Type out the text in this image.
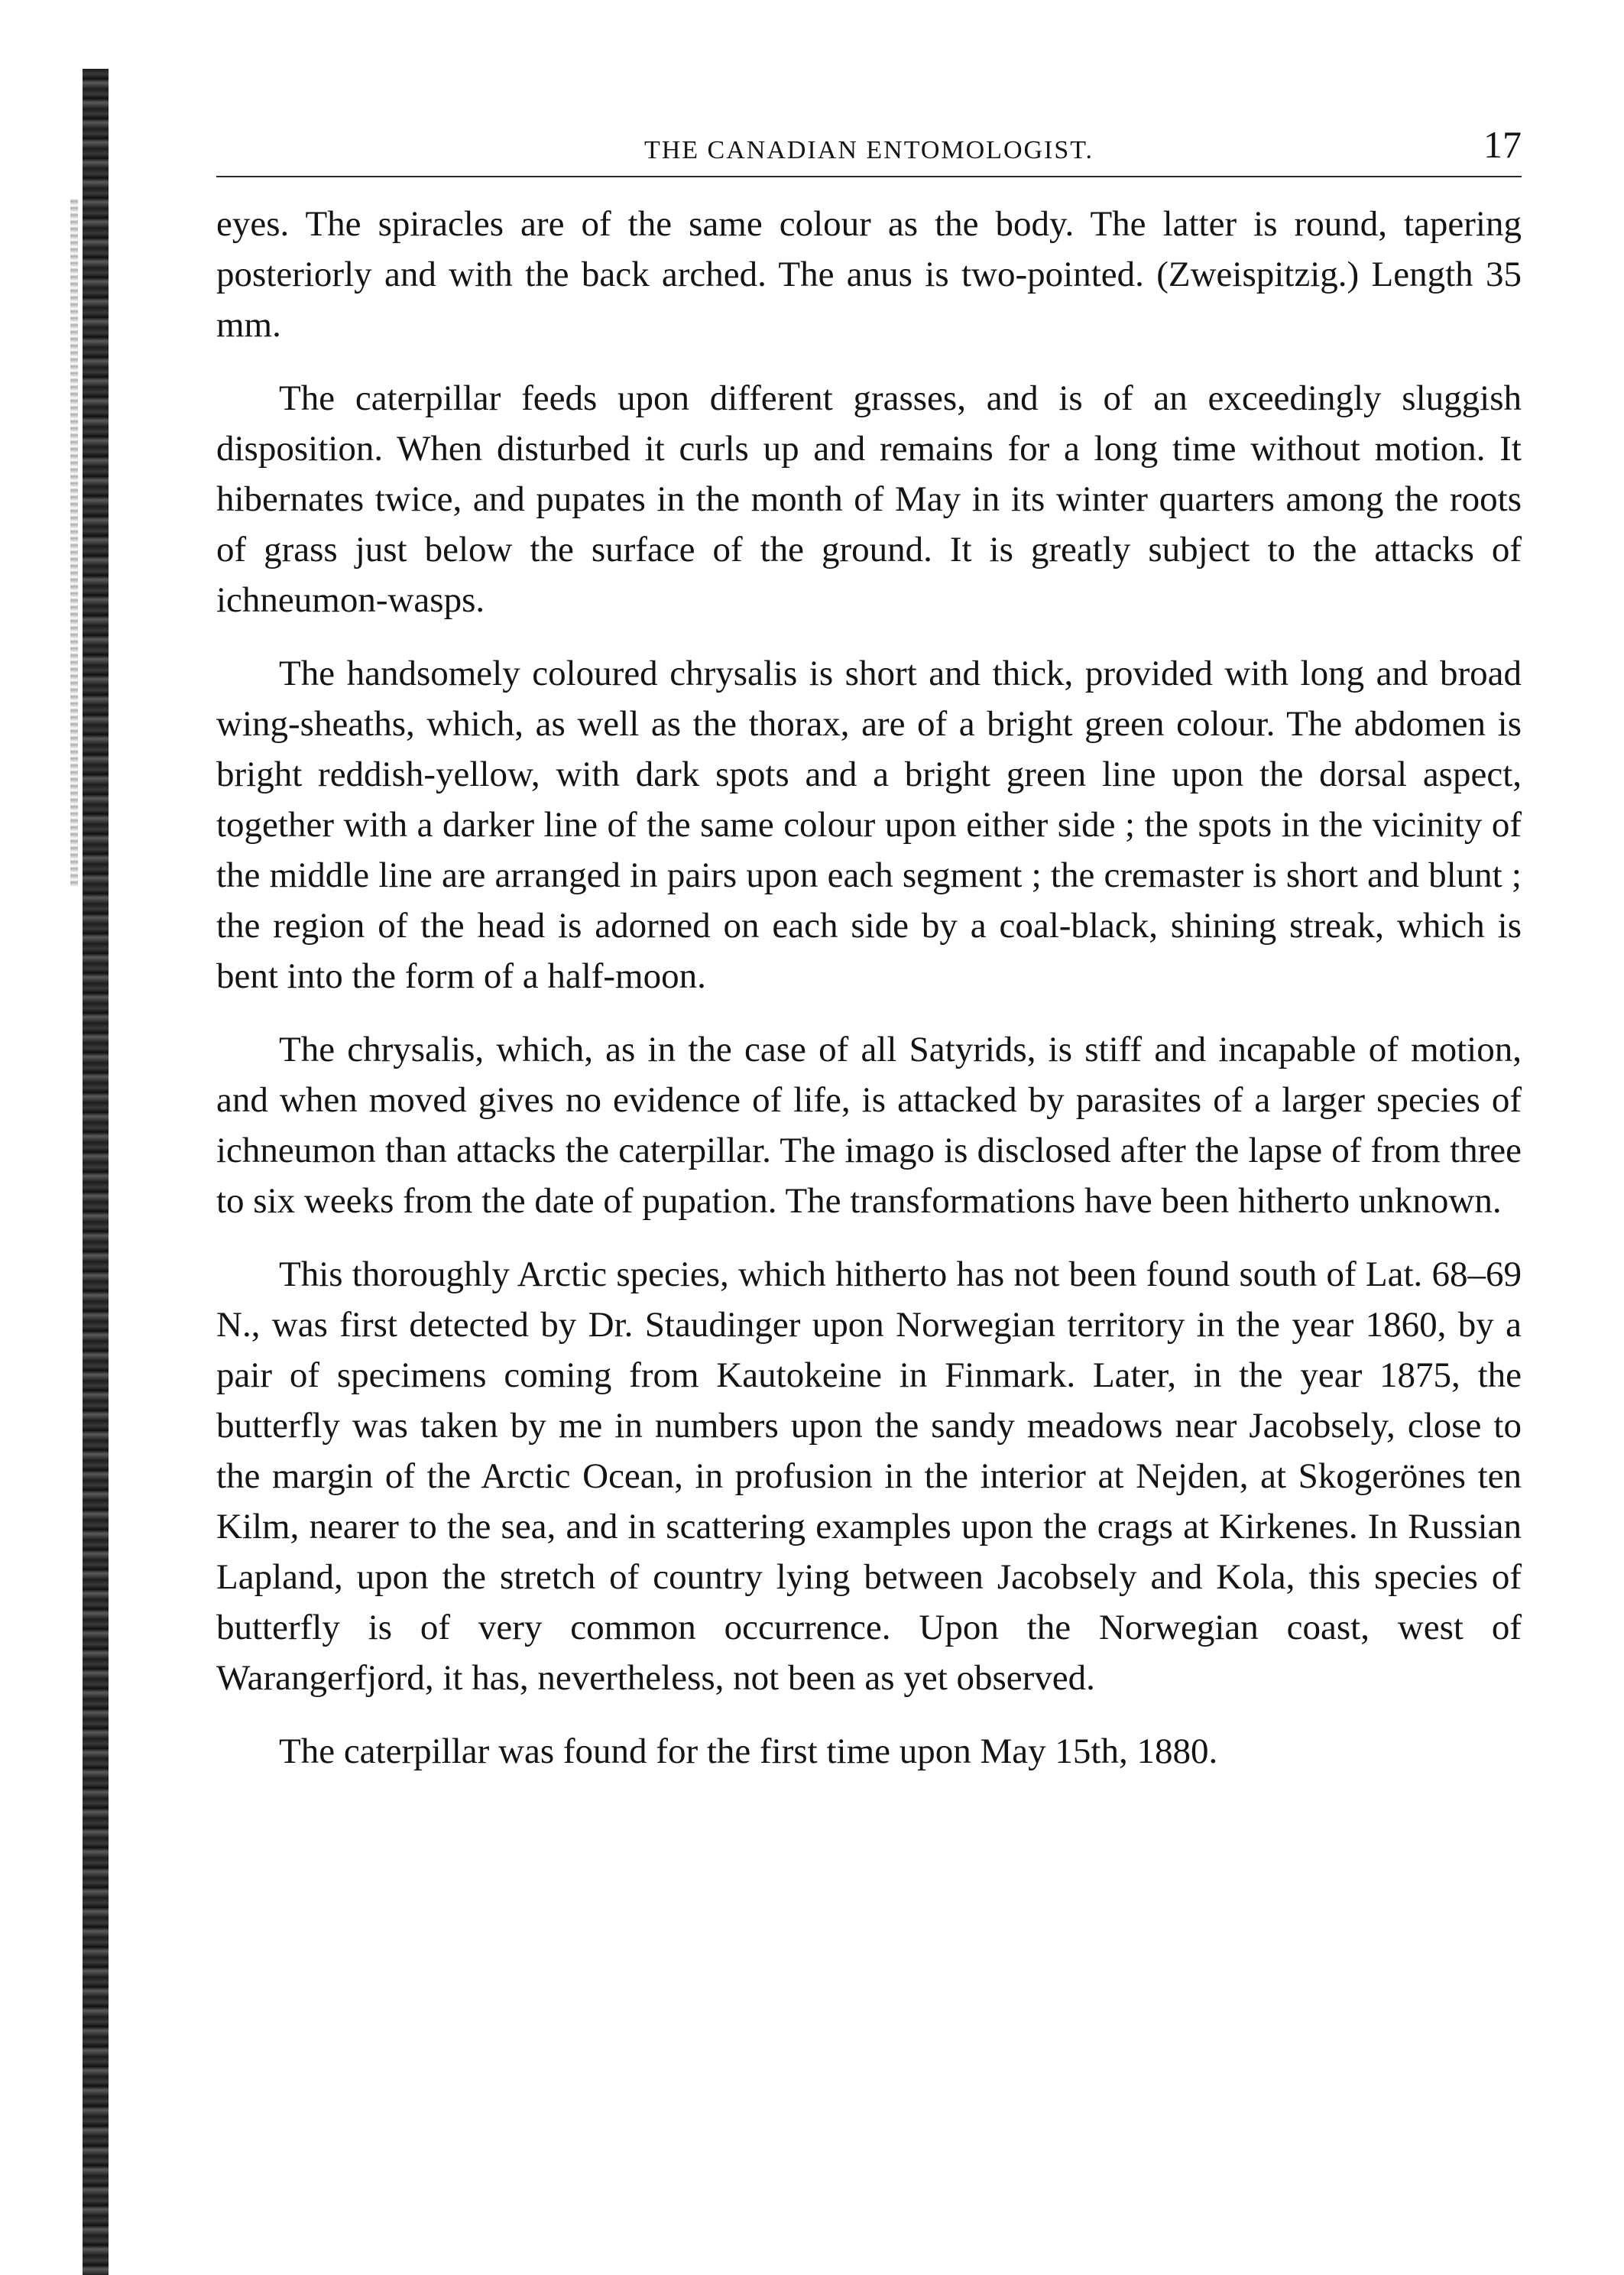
THE CANADIAN ENTOMOLOGIST.	17

eyes. The spiracles are of the same colour as the body. The latter is round, tapering posteriorly and with the back arched. The anus is two-pointed. (Zweispitzig.) Length 35 mm.

The caterpillar feeds upon different grasses, and is of an exceedingly sluggish disposition. When disturbed it curls up and remains for a long time without motion. It hibernates twice, and pupates in the month of May in its winter quarters among the roots of grass just below the surface of the ground. It is greatly subject to the attacks of ichneumon-wasps.

The handsomely coloured chrysalis is short and thick, provided with long and broad wing-sheaths, which, as well as the thorax, are of a bright green colour. The abdomen is bright reddish-yellow, with dark spots and a bright green line upon the dorsal aspect, together with a darker line of the same colour upon either side ; the spots in the vicinity of the middle line are arranged in pairs upon each segment ; the cremaster is short and blunt ; the region of the head is adorned on each side by a coal-black, shining streak, which is bent into the form of a half-moon.

The chrysalis, which, as in the case of all Satyrids, is stiff and incapable of motion, and when moved gives no evidence of life, is attacked by parasites of a larger species of ichneumon than attacks the caterpillar. The imago is disclosed after the lapse of from three to six weeks from the date of pupation. The transformations have been hitherto unknown.

This thoroughly Arctic species, which hitherto has not been found south of Lat. 68–69 N., was first detected by Dr. Staudinger upon Norwegian territory in the year 1860, by a pair of specimens coming from Kautokeine in Finmark. Later, in the year 1875, the butterfly was taken by me in numbers upon the sandy meadows near Jacobsely, close to the margin of the Arctic Ocean, in profusion in the interior at Nejden, at Skogerönes ten Kilm, nearer to the sea, and in scattering examples upon the crags at Kirkenes. In Russian Lapland, upon the stretch of country lying between Jacobsely and Kola, this species of butterfly is of very common occurrence. Upon the Norwegian coast, west of Warangerfjord, it has, nevertheless, not been as yet observed.

The caterpillar was found for the first time upon May 15th, 1880.
